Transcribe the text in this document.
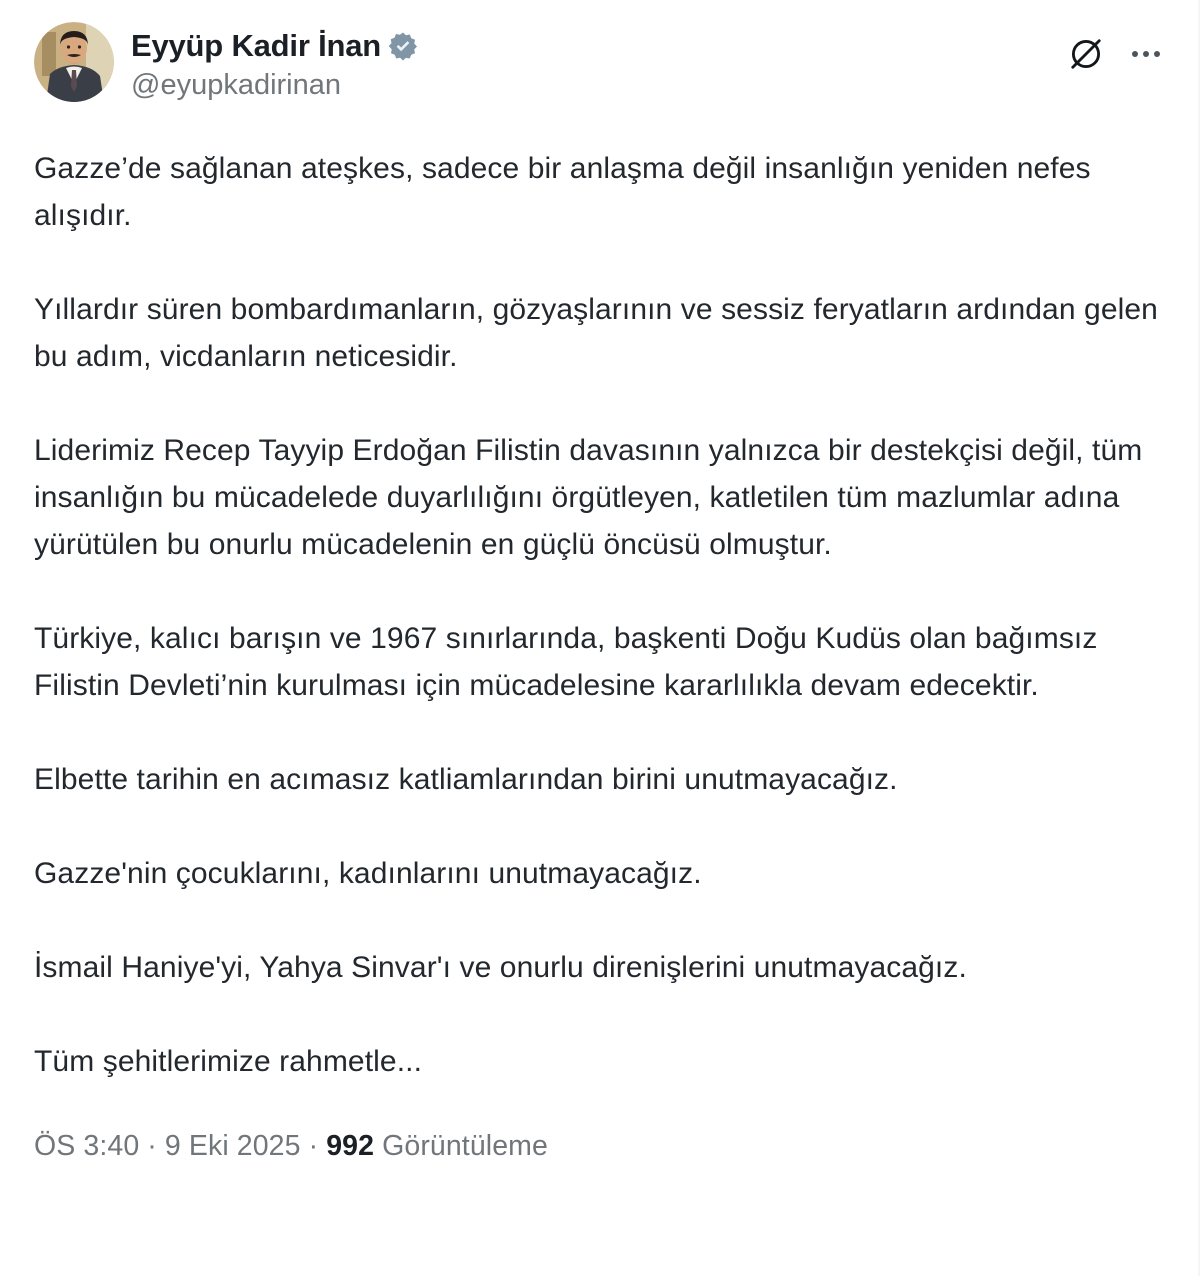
Eyyüp Kadir İnan
@eyupkadirinan

Gazze’de sağlanan ateşkes, sadece bir anlaşma değil insanlığın yeniden nefes alışıdır.

Yıllardır süren bombardımanların, gözyaşlarının ve sessiz feryatların ardından gelen bu adım, vicdanların neticesidir.

Liderimiz Recep Tayyip Erdoğan Filistin davasının yalnızca bir destekçisi değil, tüm insanlığın bu mücadelede duyarlılığını örgütleyen, katletilen tüm mazlumlar adına yürütülen bu onurlu mücadelenin en güçlü öncüsü olmuştur.

Türkiye, kalıcı barışın ve 1967 sınırlarında, başkenti Doğu Kudüs olan bağımsız Filistin Devleti’nin kurulması için mücadelesine kararlılıkla devam edecektir.

Elbette tarihin en acımasız katliamlarından birini unutmayacağız.

Gazze'nin çocuklarını, kadınlarını unutmayacağız.

İsmail Haniye'yi, Yahya Sinvar'ı ve onurlu direnişlerini unutmayacağız.

Tüm şehitlerimize rahmetle...

ÖS 3:40 · 9 Eki 2025 · 992 Görüntüleme
